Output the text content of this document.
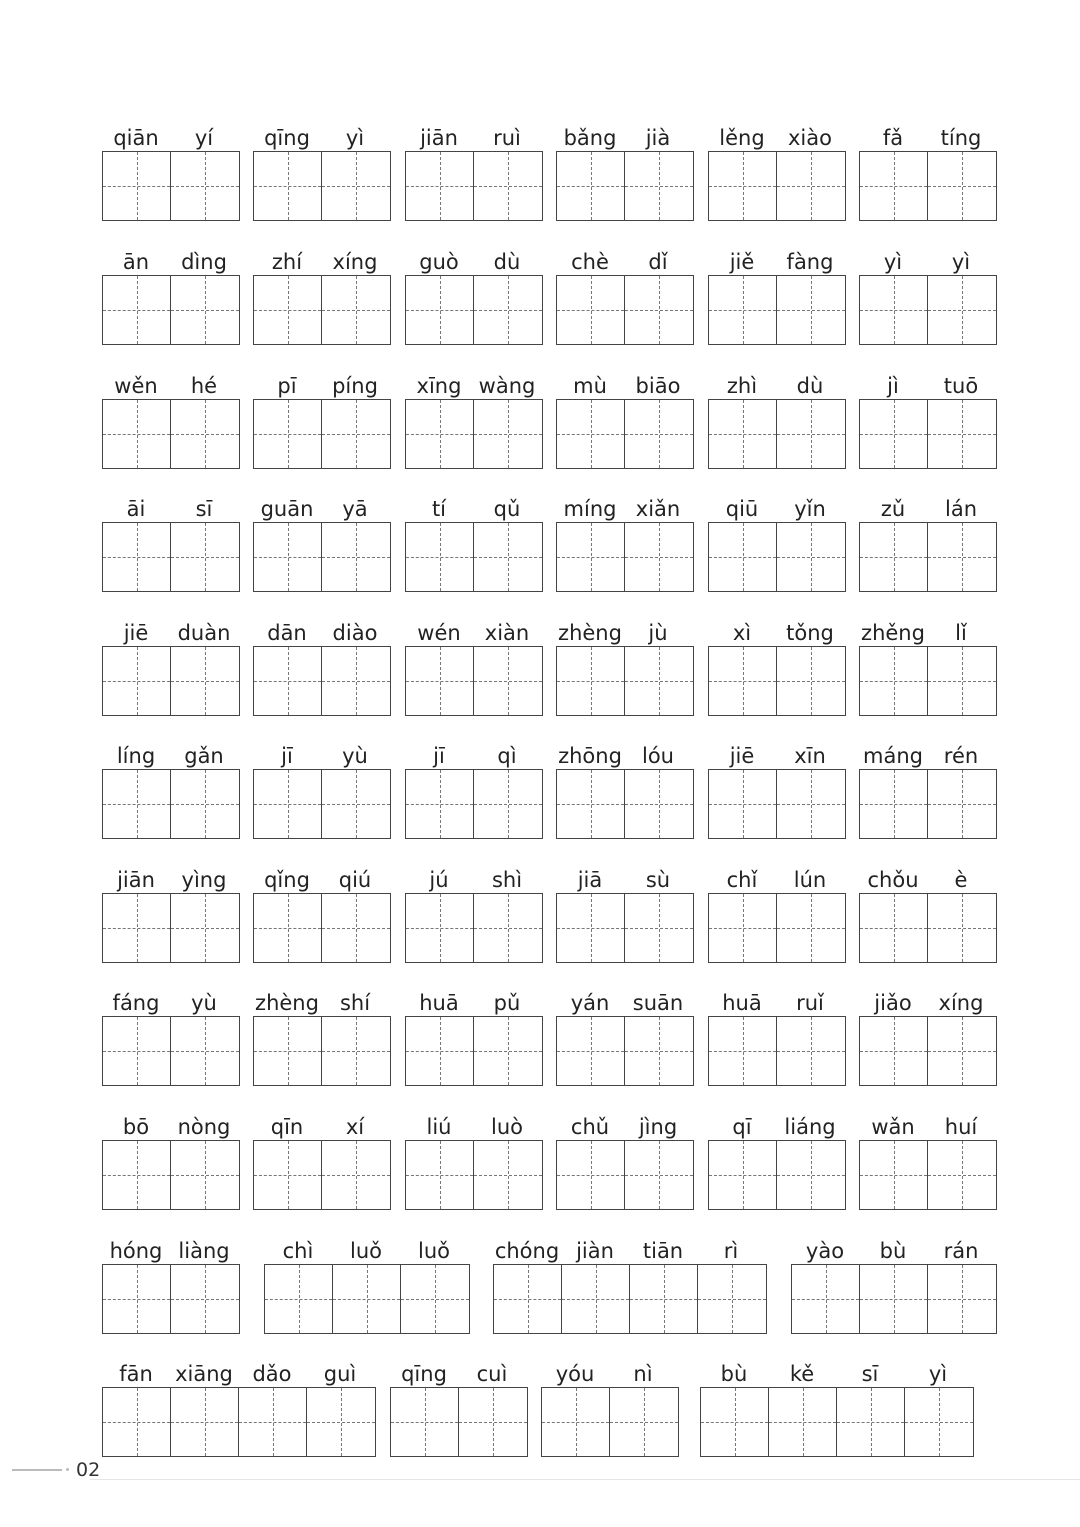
qiān	yí	qīng	yì	jiān	ruì	bǎng	jià	lěng	xiào	fǎ	tíng
ān	dìng	zhí	xíng	guò	dù	chè	dǐ	jiě	fàng	yì	yì
wěn	hé	pī	píng	xīng wàng	mù	biāo	zhì	dù	jì	tuō
āi	sī	guān	yā	tí	qǔ	míng xiǎn	qiū	yǐn	zǔ	lán
jiē	duàn	dān	diào	wén	xiàn	zhèng	jù	xì	tǒng	zhěng	lǐ
líng	gǎn	jī	yù	jī	qì	zhōng lóu	jiē	xīn	máng rén
jiān	yìng	qǐng	qiú	jú	shì	jiā	sù	chǐ	lún	chǒu	è
fáng	yù	zhèng	shí	huā	pǔ	yán	suān	huā	ruǐ	jiǎo	xíng
bō	nòng	qīn	xí	liú	luò	chǔ	jìng	qī	liáng	wǎn	huí
hóng liàng	chì	luǒ	luǒ	chóng jiàn	tiān	rì	yào	bù	rán
fān	xiāng dǎo	guì	qīng	cuì	yóu	nì	bù	kě	sī	yì
02
